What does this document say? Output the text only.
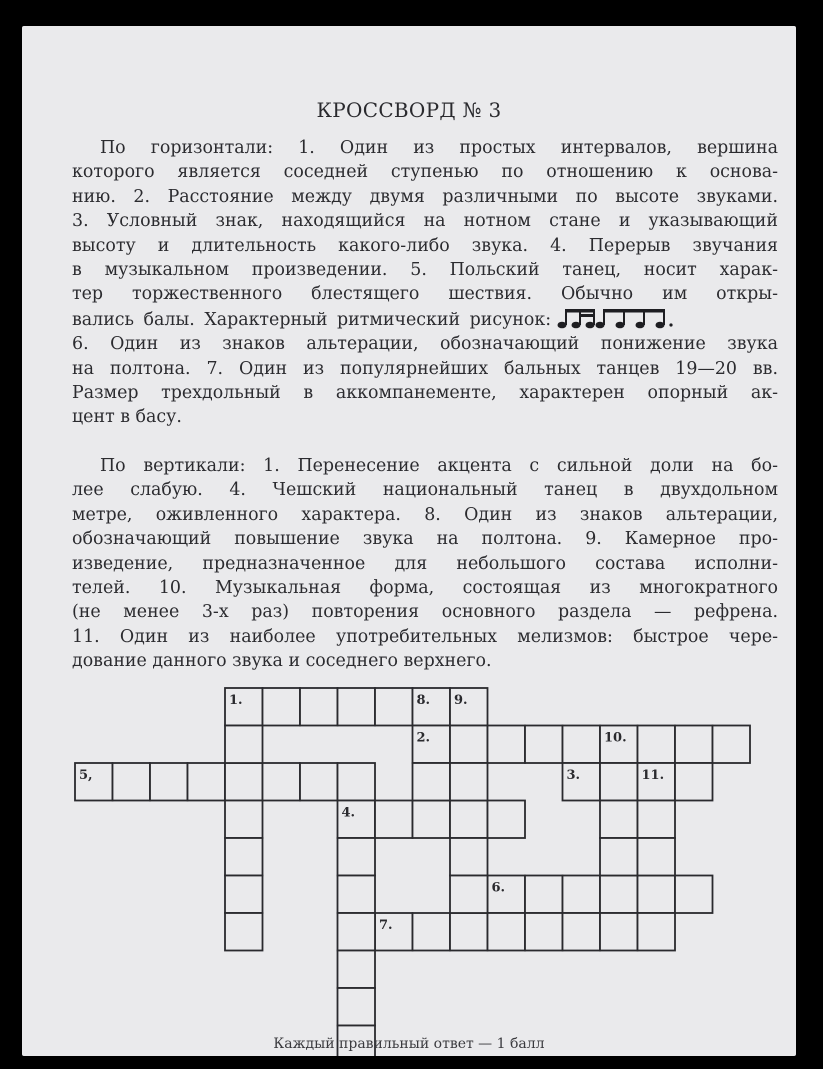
КРОССВОРД № 3
По горизонтали: 1. Один из простых интервалов, вершина
которого является соседней ступенью по отношению к основа-
нию. 2. Расстояние между двумя различными по высоте звуками.
3. Условный знак, находящийся на нотном стане и указывающий
высоту и длительность какого-либо звука. 4. Перерыв звучания
в музыкальном произведении. 5. Польский танец, носит харак-
тер торжественного блестящего шествия. Обычно им откры-
вались балы. Характерный ритмический рисунок:
6. Один из знаков альтерации, обозначающий понижение звука
на полтона. 7. Один из популярнейших бальных танцев 19—20 вв.
Размер трехдольный в аккомпанементе, характерен опорный ак-
цент в басу.
По вертикали: 1. Перенесение акцента с сильной доли на бо-
лее слабую. 4. Чешский национальный танец в двухдольном
метре, оживленного характера. 8. Один из знаков альтерации,
обозначающий повышение звука на полтона. 9. Камерное про-
изведение, предназначенное для небольшого состава исполни-
телей. 10. Музыкальная форма, состоящая из многократного
(не менее 3-х раз) повторения основного раздела — рефрена.
11. Один из наиболее употребительных мелизмов: быстрое чере-
дование данного звука и соседнего верхнего.
1.	8. 9.
2.	10.
5,	3.	11.
4.
6.
7.
Каждый правильный ответ — 1 балл
